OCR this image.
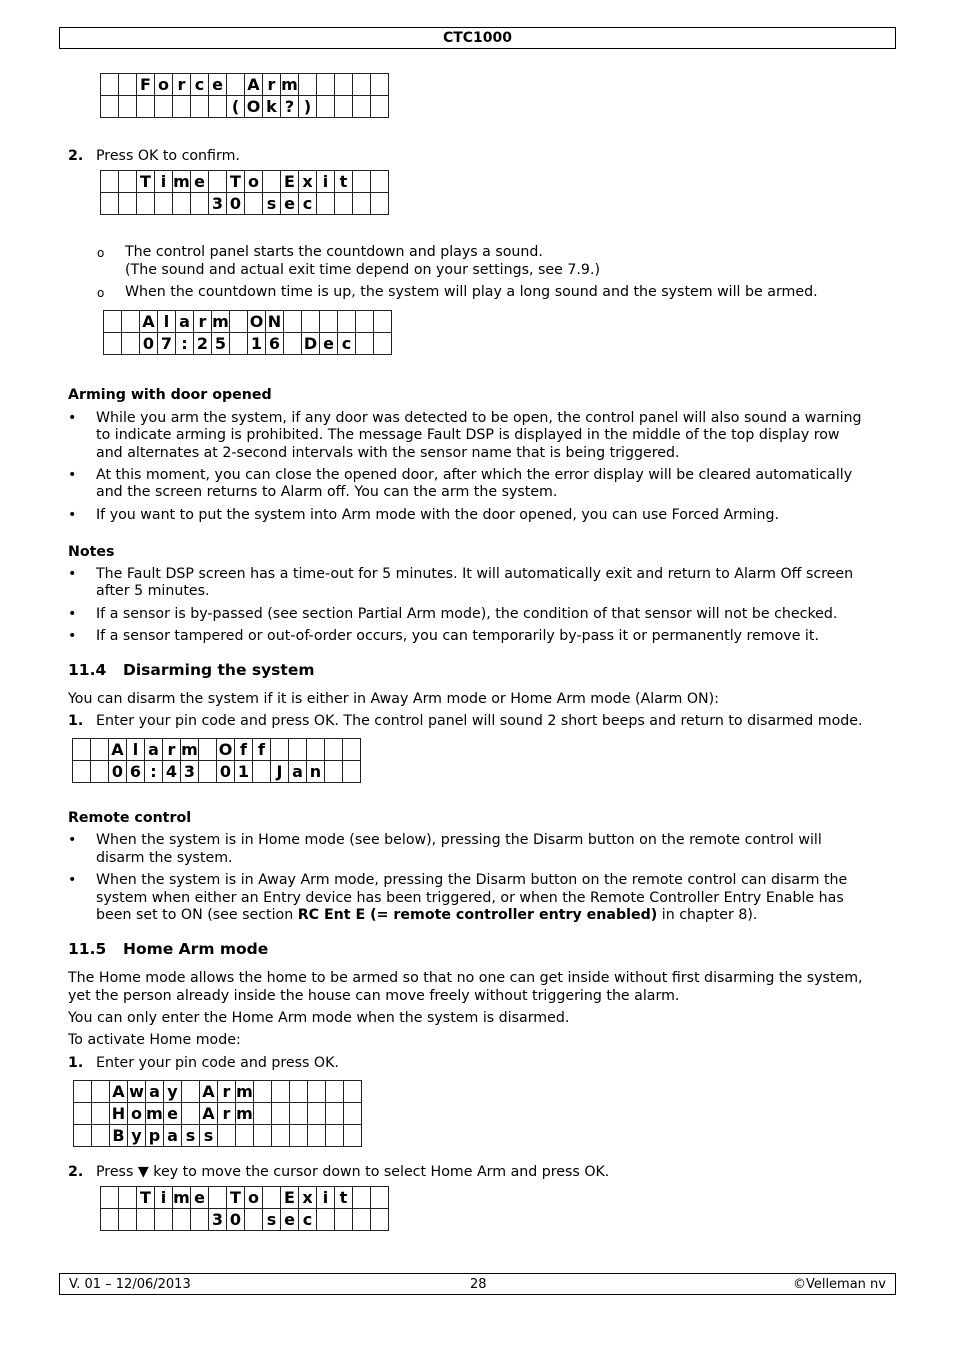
CTC1000
		F	o	r	c	e		A	r	m					
							(	O	k	?	)				
2. Press OK to confirm.
		T	i	m	e		T	o		E	x	i	t		
						3	0		s	e	c				
o The control panel starts the countdown and plays a sound.
(The sound and actual exit time depend on your settings, see 7.9.)
o When the countdown time is up, the system will play a long sound and the system will be armed.
		A	l	a	r	m		O	N						
		0	7	:	2	5		1	6		D	e	c		
Arming with door opened
• While you arm the system, if any door was detected to be open, the control panel will also sound a warning
to indicate arming is prohibited. The message Fault DSP is displayed in the middle of the top display row
and alternates at 2-second intervals with the sensor name that is being triggered.
• At this moment, you can close the opened door, after which the error display will be cleared automatically
and the screen returns to Alarm off. You can the arm the system.
• If you want to put the system into Arm mode with the door opened, you can use Forced Arming.
Notes
• The Fault DSP screen has a time-out for 5 minutes. It will automatically exit and return to Alarm Off screen
after 5 minutes.
• If a sensor is by-passed (see section Partial Arm mode), the condition of that sensor will not be checked.
• If a sensor tampered or out-of-order occurs, you can temporarily by-pass it or permanently remove it.
11.4 Disarming the system
You can disarm the system if it is either in Away Arm mode or Home Arm mode (Alarm ON):
1. Enter your pin code and press OK. The control panel will sound 2 short beeps and return to disarmed mode.
		A	l	a	r	m		O	f	f					
		0	6	:	4	3		0	1		J	a	n		
Remote control
• When the system is in Home mode (see below), pressing the Disarm button on the remote control will
disarm the system.
• When the system is in Away Arm mode, pressing the Disarm button on the remote control can disarm the
system when either an Entry device has been triggered, or when the Remote Controller Entry Enable has
been set to ON (see section RC Ent E (= remote controller entry enabled) in chapter 8).
11.5 Home Arm mode
The Home mode allows the home to be armed so that no one can get inside without first disarming the system,
yet the person already inside the house can move freely without triggering the alarm.
You can only enter the Home Arm mode when the system is disarmed.
To activate Home mode:
1. Enter your pin code and press OK.
		A	w	a	y		A	r	m						
		H	o	m	e		A	r	m						
		B	y	p	a	s	s								
2. Press ▼ key to move the cursor down to select Home Arm and press OK.
		T	i	m	e		T	o		E	x	i	t		
						3	0		s	e	c				
V. 01 – 12/06/2013	28	©Velleman nv
